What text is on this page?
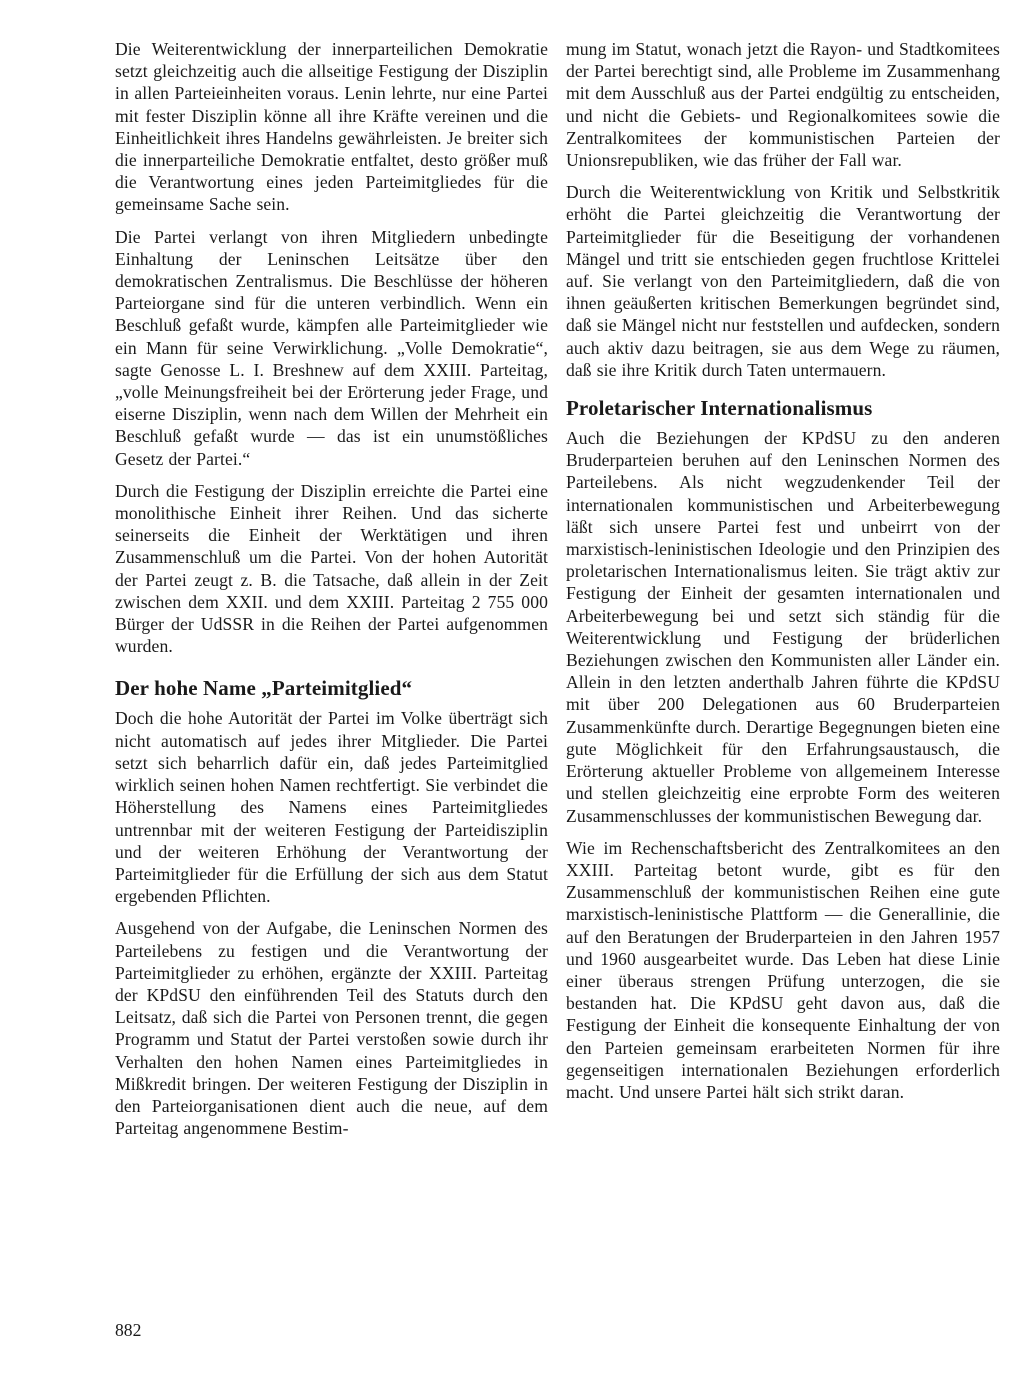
Die Weiterentwicklung der innerparteilichen Demokratie setzt gleichzeitig auch die allseitige Festigung der Disziplin in allen Parteieinheiten voraus. Lenin lehrte, nur eine Partei mit fester Disziplin könne all ihre Kräfte vereinen und die Einheitlichkeit ihres Handelns gewährleisten. Je breiter sich die innerparteiliche Demokratie entfaltet, desto größer muß die Verantwortung eines jeden Parteimitgliedes für die gemeinsame Sache sein.

Die Partei verlangt von ihren Mitgliedern unbedingte Einhaltung der Leninschen Leitsätze über den demokratischen Zentralismus. Die Beschlüsse der höheren Parteiorgane sind für die unteren verbindlich. Wenn ein Beschluß gefaßt wurde, kämpfen alle Parteimitglieder wie ein Mann für seine Verwirklichung. „Volle Demokratie“, sagte Genosse L. I. Breshnew auf dem XXIII. Parteitag, „volle Meinungsfreiheit bei der Erörterung jeder Frage, und eiserne Disziplin, wenn nach dem Willen der Mehrheit ein Beschluß gefaßt wurde — das ist ein unumstößliches Gesetz der Partei.“

Durch die Festigung der Disziplin erreichte die Partei eine monolithische Einheit ihrer Reihen. Und das sicherte seinerseits die Einheit der Werktätigen und ihren Zusammenschluß um die Partei. Von der hohen Autorität der Partei zeugt z. B. die Tatsache, daß allein in der Zeit zwischen dem XXII. und dem XXIII. Parteitag 2 755 000 Bürger der UdSSR in die Reihen der Partei aufgenommen wurden.

Der hohe Name „Parteimitglied“

Doch die hohe Autorität der Partei im Volke überträgt sich nicht automatisch auf jedes ihrer Mitglieder. Die Partei setzt sich beharrlich dafür ein, daß jedes Parteimitglied wirklich seinen hohen Namen rechtfertigt. Sie verbindet die Höherstellung des Namens eines Parteimitgliedes untrennbar mit der weiteren Festigung der Parteidisziplin und der weiteren Erhöhung der Verantwortung der Parteimitglieder für die Erfüllung der sich aus dem Statut ergebenden Pflichten.

Ausgehend von der Aufgabe, die Leninschen Normen des Parteilebens zu festigen und die Verantwortung der Parteimitglieder zu erhöhen, ergänzte der XXIII. Parteitag der KPdSU den einführenden Teil des Statuts durch den Leitsatz, daß sich die Partei von Personen trennt, die gegen Programm und Statut der Partei verstoßen sowie durch ihr Verhalten den hohen Namen eines Parteimitgliedes in Mißkredit bringen. Der weiteren Festigung der Disziplin in den Parteiorganisationen dient auch die neue, auf dem Parteitag angenommene Bestim-

mung im Statut, wonach jetzt die Rayon- und Stadtkomitees der Partei berechtigt sind, alle Probleme im Zusammenhang mit dem Ausschluß aus der Partei endgültig zu entscheiden, und nicht die Gebiets- und Regionalkomitees sowie die Zentralkomitees der kommunistischen Parteien der Unionsrepubliken, wie das früher der Fall war.

Durch die Weiterentwicklung von Kritik und Selbstkritik erhöht die Partei gleichzeitig die Verantwortung der Parteimitglieder für die Beseitigung der vorhandenen Mängel und tritt sie entschieden gegen fruchtlose Krittelei auf. Sie verlangt von den Parteimitgliedern, daß die von ihnen geäußerten kritischen Bemerkungen begründet sind, daß sie Mängel nicht nur feststellen und aufdecken, sondern auch aktiv dazu beitragen, sie aus dem Wege zu räumen, daß sie ihre Kritik durch Taten untermauern.

Proletarischer Internationalismus

Auch die Beziehungen der KPdSU zu den anderen Bruderparteien beruhen auf den Leninschen Normen des Parteilebens. Als nicht wegzudenkender Teil der internationalen kommunistischen und Arbeiterbewegung läßt sich unsere Partei fest und unbeirrt von der marxistisch-leninistischen Ideologie und den Prinzipien des proletarischen Internationalismus leiten. Sie trägt aktiv zur Festigung der Einheit der gesamten internationalen und Arbeiterbewegung bei und setzt sich ständig für die Weiterentwicklung und Festigung der brüderlichen Beziehungen zwischen den Kommunisten aller Länder ein. Allein in den letzten anderthalb Jahren führte die KPdSU mit über 200 Delegationen aus 60 Bruderparteien Zusammenkünfte durch. Derartige Begegnungen bieten eine gute Möglichkeit für den Erfahrungsaustausch, die Erörterung aktueller Probleme von allgemeinem Interesse und stellen gleichzeitig eine erprobte Form des weiteren Zusammenschlusses der kommunistischen Bewegung dar.

Wie im Rechenschaftsbericht des Zentralkomitees an den XXIII. Parteitag betont wurde, gibt es für den Zusammenschluß der kommunistischen Reihen eine gute marxistisch-leninistische Plattform — die Generallinie, die auf den Beratungen der Bruderparteien in den Jahren 1957 und 1960 ausgearbeitet wurde. Das Leben hat diese Linie einer überaus strengen Prüfung unterzogen, die sie bestanden hat. Die KPdSU geht davon aus, daß die Festigung der Einheit die konsequente Einhaltung der von den Parteien gemeinsam erarbeiteten Normen für ihre gegenseitigen internationalen Beziehungen erforderlich macht. Und unsere Partei hält sich strikt daran.

882
